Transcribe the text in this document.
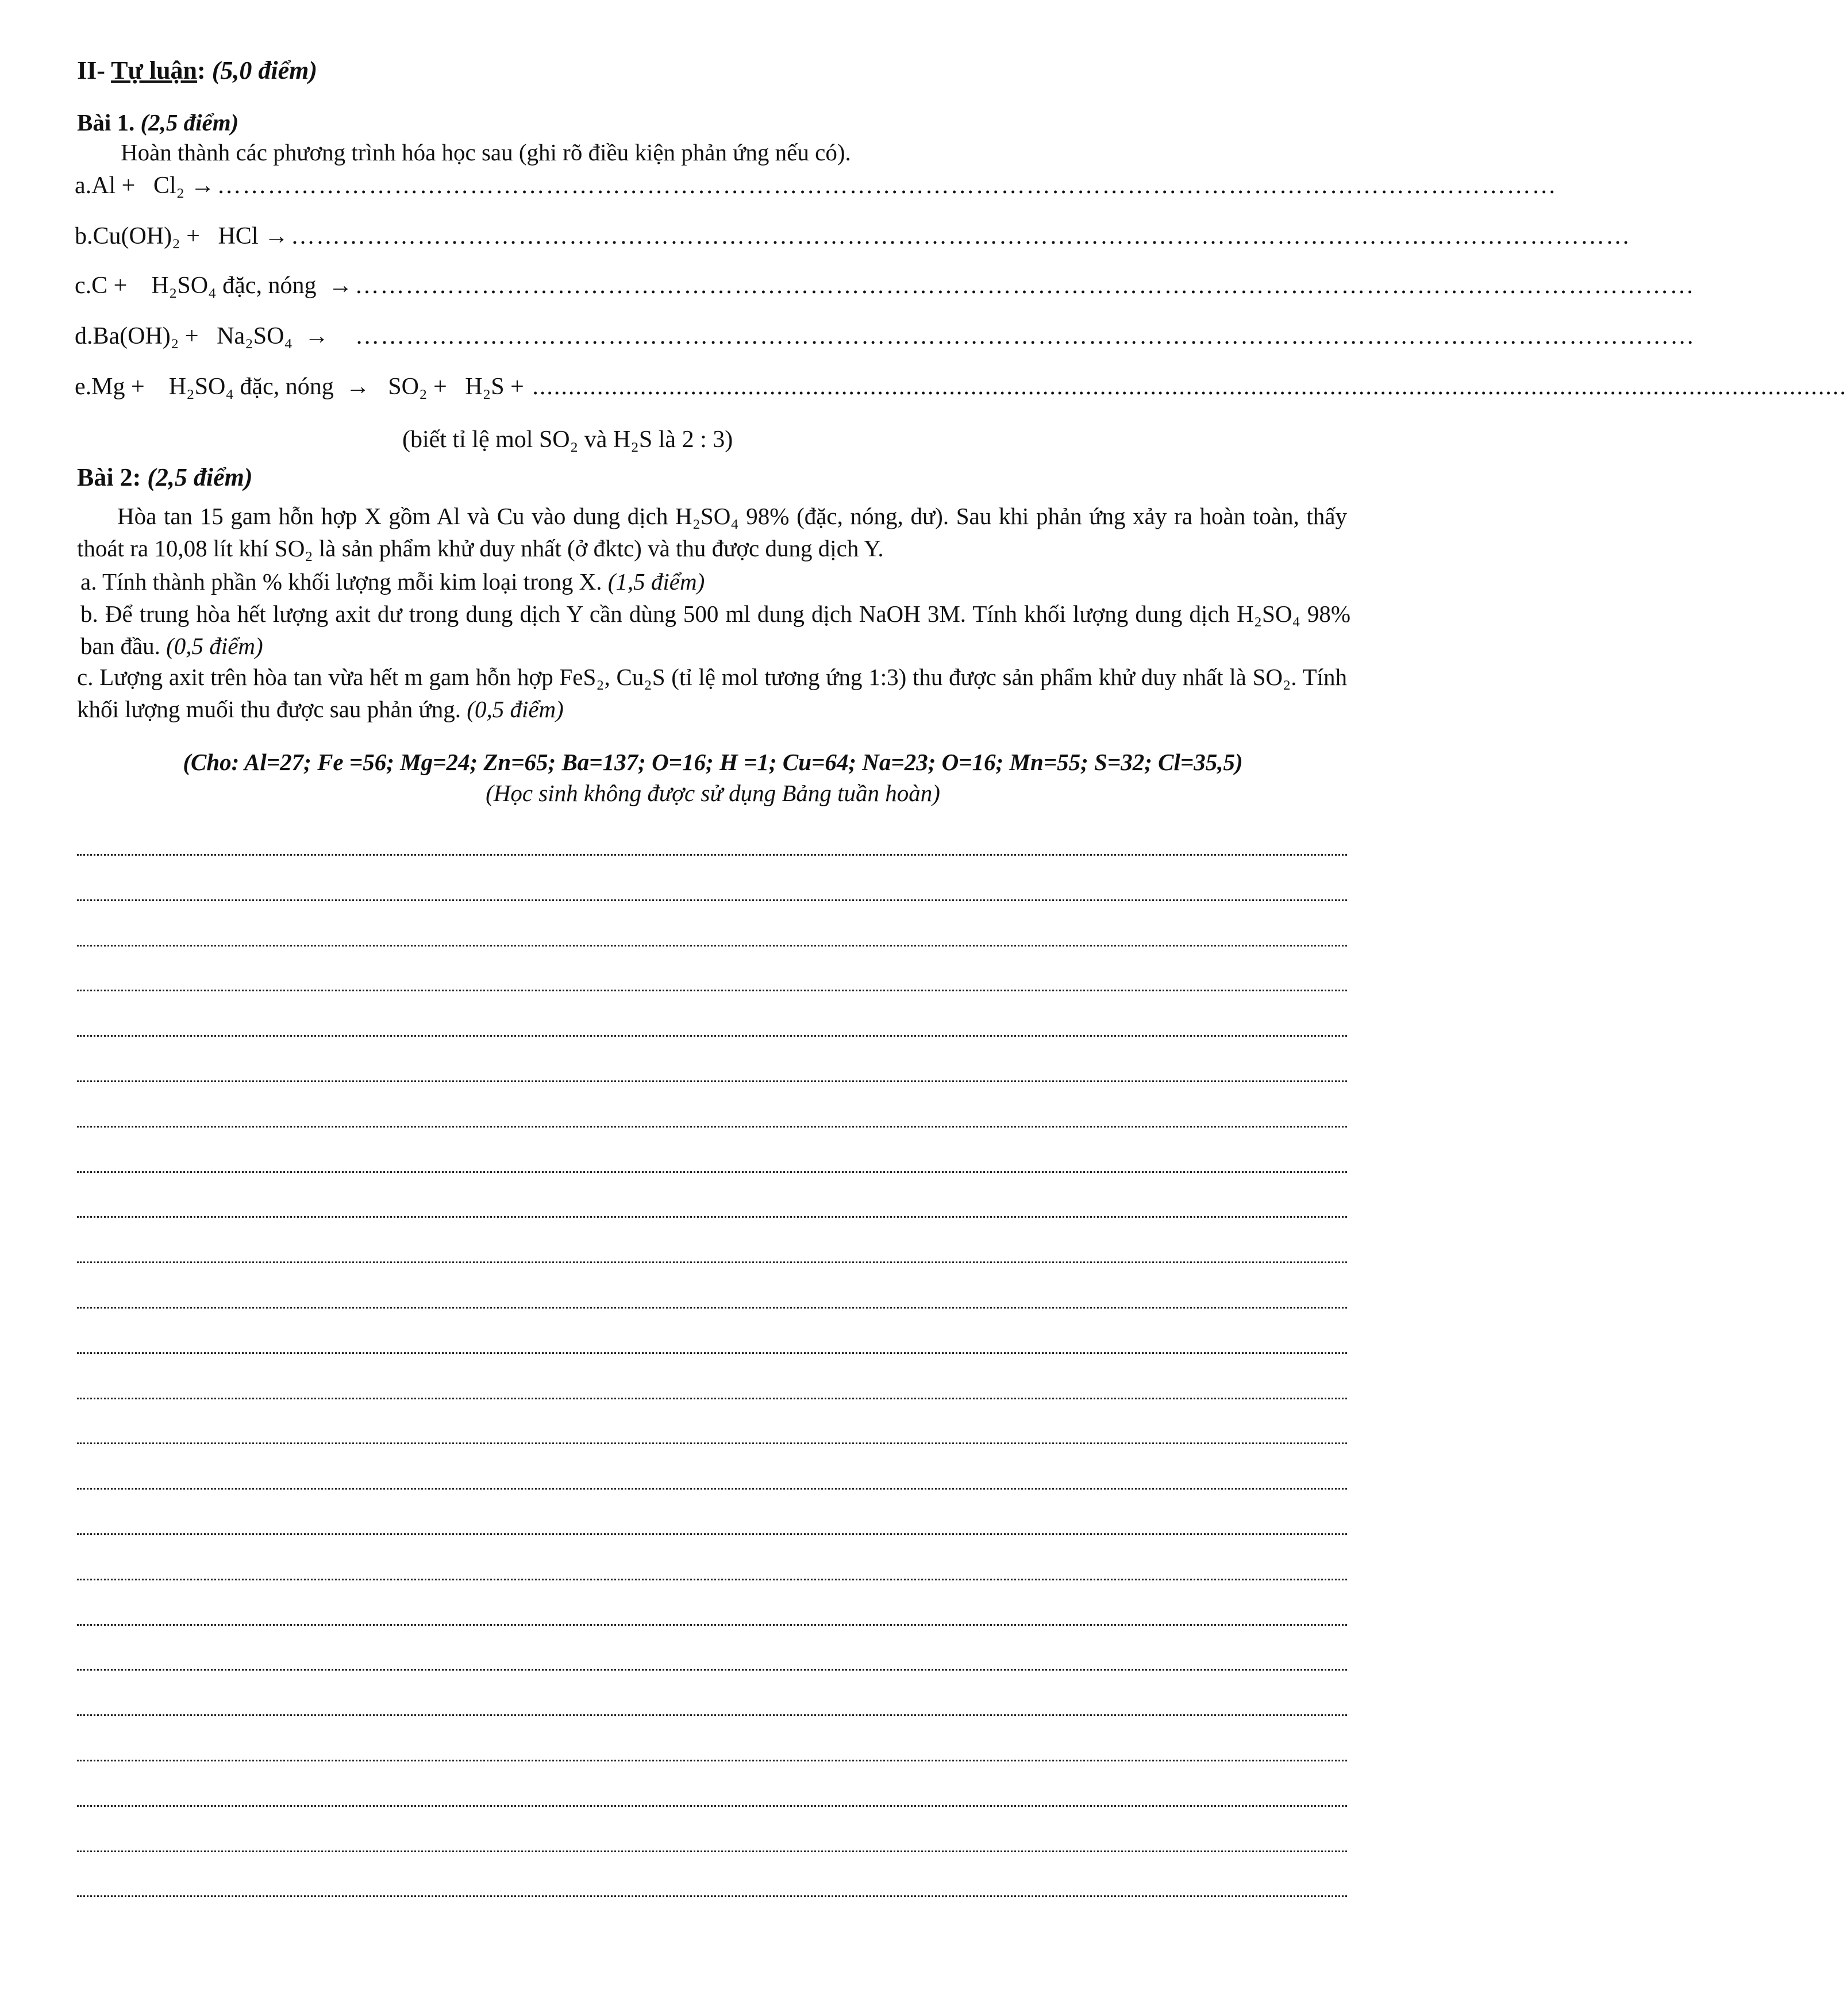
II- Tự luận: (5,0 điểm)
Bài 1. (2,5 điểm)
Hoàn thành các phương trình hóa học sau (ghi rõ điều kiện phản ứng nếu có).
a. Al +   Cl₂ → ……………………………………………………………………………………………………………………………………………
b. Cu(OH)₂ +   HCl → ……………………………………………………………………………………………………………………………………………
c. C +    H₂SO₄ đặc, nóng  → ……………………………………………………………………………………………………………………………………………
d. Ba(OH)₂ +   Na₂SO₄  → ……………………………………………………………………………………………………………………………………………
e. Mg +    H₂SO₄ đặc, nóng  →   SO₂ +   H₂S + .......................................................................................................................................................................................
(biết tỉ lệ mol SO₂ và H₂S là 2 : 3)
Bài 2: (2,5 điểm)
Hòa tan 15 gam hỗn hợp X gồm Al và Cu vào dung dịch H₂SO₄ 98% (đặc, nóng, dư). Sau khi phản ứng xảy ra hoàn toàn, thấy thoát ra 10,08 lít khí SO₂ là sản phẩm khử duy nhất (ở đktc) và thu được dung dịch Y.
a. Tính thành phần % khối lượng mỗi kim loại trong X. (1,5 điểm)
b. Để trung hòa hết lượng axit dư trong dung dịch Y cần dùng 500 ml dung dịch NaOH 3M. Tính khối lượng dung dịch H₂SO₄ 98% ban đầu. (0,5 điểm)
c. Lượng axit trên hòa tan vừa hết m gam hỗn hợp FeS₂, Cu₂S (tỉ lệ mol tương ứng 1:3) thu được sản phẩm khử duy nhất là SO₂. Tính khối lượng muối thu được sau phản ứng. (0,5 điểm)
(Cho: Al=27; Fe =56; Mg=24; Zn=65; Ba=137; O=16; H =1; Cu=64; Na=23; O=16; Mn=55; S=32; Cl=35,5)
(Học sinh không được sử dụng Bảng tuần hoàn)
